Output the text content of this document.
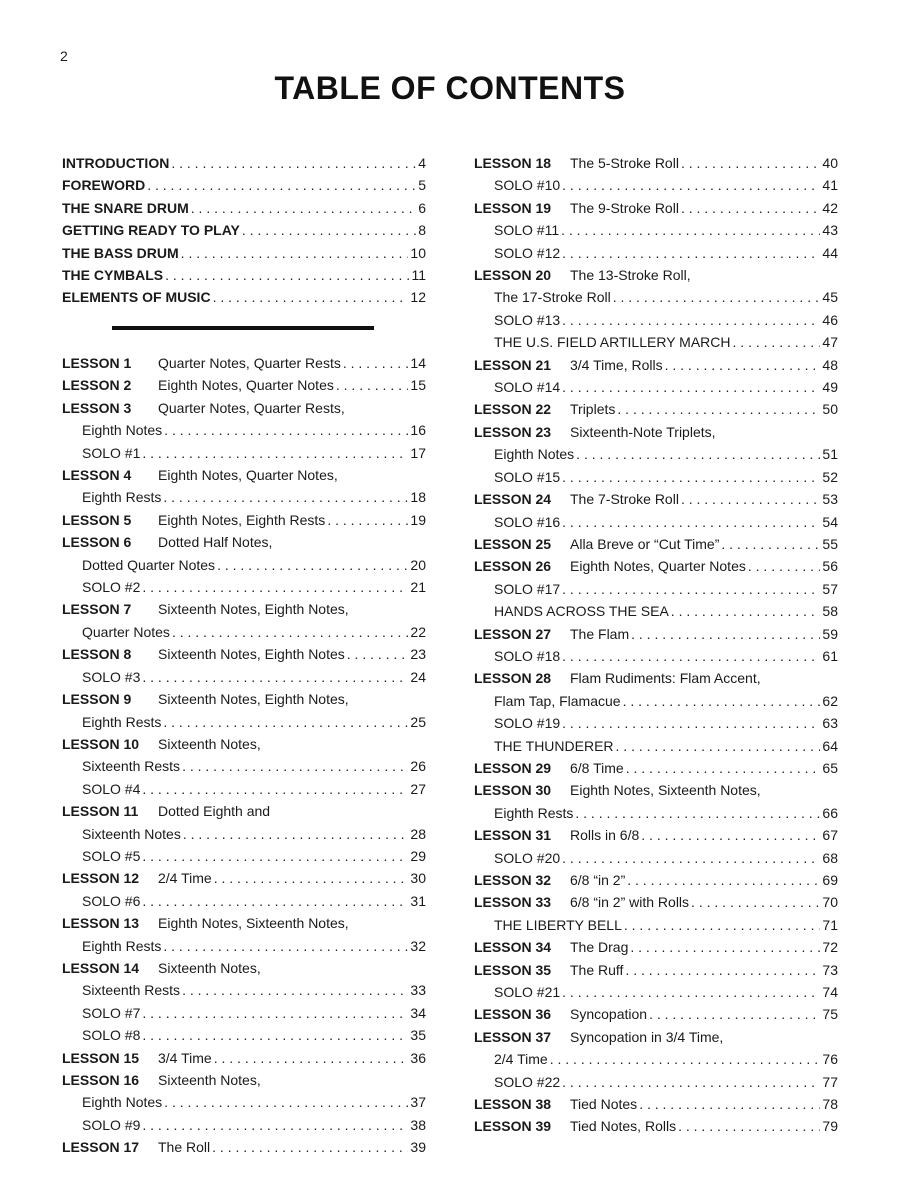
2
TABLE OF CONTENTS
INTRODUCTION . . .	4
FOREWORD . . .	5
THE SNARE DRUM . . .	6
GETTING READY TO PLAY . . .	8
THE BASS DRUM . . .	10
THE CYMBALS . . .	11
ELEMENTS OF MUSIC . . .	12
LESSON 1	Quarter Notes, Quarter Rests . . .	14
LESSON 2	Eighth Notes, Quarter Notes . . .	15
LESSON 3	Quarter Notes, Quarter Rests,
Eighth Notes . . .	16
SOLO #1 . . .	17
LESSON 4	Eighth Notes, Quarter Notes,
Eighth Rests . . .	18
LESSON 5	Eighth Notes, Eighth Rests . . .	19
LESSON 6	Dotted Half Notes,
Dotted Quarter Notes . . .	20
SOLO #2 . . .	21
LESSON 7	Sixteenth Notes, Eighth Notes,
Quarter Notes . . .	22
LESSON 8	Sixteenth Notes, Eighth Notes . . .	23
SOLO #3 . . .	24
LESSON 9	Sixteenth Notes, Eighth Notes,
Eighth Rests . . .	25
LESSON 10	Sixteenth Notes,
Sixteenth Rests . . .	26
SOLO #4 . . .	27
LESSON 11	Dotted Eighth and
Sixteenth Notes . . .	28
SOLO #5 . . .	29
LESSON 12	2/4 Time . . .	30
SOLO #6 . . .	31
LESSON 13	Eighth Notes, Sixteenth Notes,
Eighth Rests . . .	32
LESSON 14	Sixteenth Notes,
Sixteenth Rests . . .	33
SOLO #7 . . .	34
SOLO #8 . . .	35
LESSON 15	3/4 Time . . .	36
LESSON 16	Sixteenth Notes,
Eighth Notes . . .	37
SOLO #9 . . .	38
LESSON 17	The Roll . . .	39
LESSON 18	The 5-Stroke Roll . . .	40
SOLO #10 . . .	41
LESSON 19	The 9-Stroke Roll . . .	42
SOLO #11 . . .	43
SOLO #12 . . .	44
LESSON 20	The 13-Stroke Roll,
The 17-Stroke Roll . . .	45
SOLO #13 . . .	46
THE U.S. FIELD ARTILLERY MARCH . . .	47
LESSON 21	3/4 Time, Rolls . . .	48
SOLO #14 . . .	49
LESSON 22	Triplets . . .	50
LESSON 23	Sixteenth-Note Triplets,
Eighth Notes . . .	51
SOLO #15 . . .	52
LESSON 24	The 7-Stroke Roll . . .	53
SOLO #16 . . .	54
LESSON 25	Alla Breve or “Cut Time” . . .	55
LESSON 26	Eighth Notes, Quarter Notes . . .	56
SOLO #17 . . .	57
HANDS ACROSS THE SEA . . .	58
LESSON 27	The Flam . . .	59
SOLO #18 . . .	61
LESSON 28	Flam Rudiments: Flam Accent,
Flam Tap, Flamacue . . .	62
SOLO #19 . . .	63
THE THUNDERER . . .	64
LESSON 29	6/8 Time . . .	65
LESSON 30	Eighth Notes, Sixteenth Notes,
Eighth Rests . . .	66
LESSON 31	Rolls in 6/8 . . .	67
SOLO #20 . . .	68
LESSON 32	6/8 “in 2” . . .	69
LESSON 33	6/8 “in 2” with Rolls . . .	70
THE LIBERTY BELL . . .	71
LESSON 34	The Drag . . .	72
LESSON 35	The Ruff . . .	73
SOLO #21 . . .	74
LESSON 36	Syncopation . . .	75
LESSON 37	Syncopation in 3/4 Time,
2/4 Time . . .	76
SOLO #22 . . .	77
LESSON 38	Tied Notes . . .	78
LESSON 39	Tied Notes, Rolls . . .	79
